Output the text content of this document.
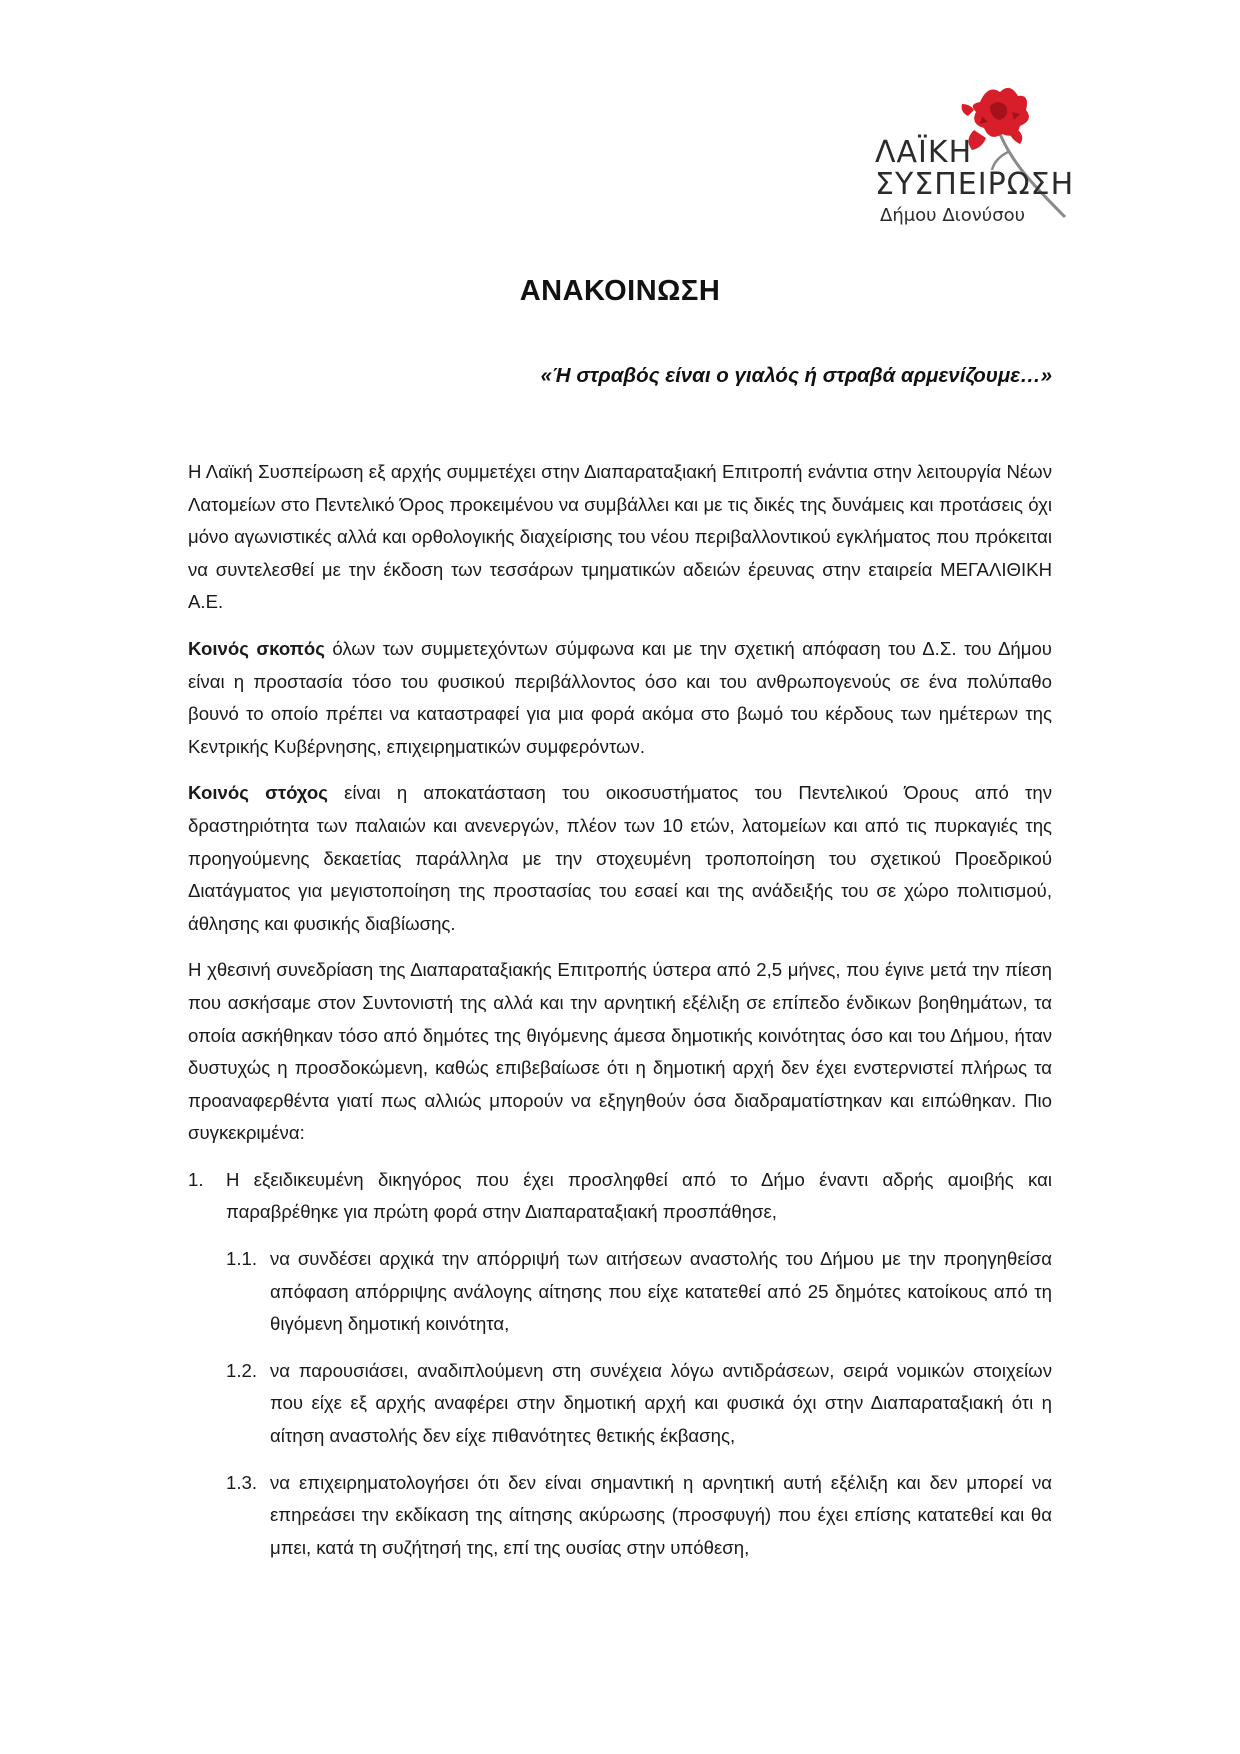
ΛΑΪΚΗ
ΣΥΣΠΕΙΡΩΣΗ
Δήμου Διονύσου
ΑΝΑΚΟΙΝΩΣΗ
«Ή στραβός είναι ο γιαλός ή στραβά αρμενίζουμε…»

Η Λαϊκή Συσπείρωση εξ αρχής συμμετέχει στην Διαπαραταξιακή Επιτροπή ενάντια στην λειτουργία Νέων Λατομείων στο Πεντελικό Όρος προκειμένου να συμβάλλει και με τις δικές της δυνάμεις και προτάσεις όχι μόνο αγωνιστικές αλλά και ορθολογικής διαχείρισης του νέου περιβαλλοντικού εγκλήματος που πρόκειται να συντελεσθεί με την έκδοση των τεσσάρων τμηματικών αδειών έρευνας στην εταιρεία ΜΕΓΑΛΙΘΙΚΗ Α.Ε.

Κοινός σκοπός όλων των συμμετεχόντων σύμφωνα και με την σχετική απόφαση του Δ.Σ. του Δήμου είναι η προστασία τόσο του φυσικού περιβάλλοντος όσο και του ανθρωπογενούς σε ένα πολύπαθο βουνό το οποίο πρέπει να καταστραφεί για μια φορά ακόμα στο βωμό του κέρδους των ημέτερων της Κεντρικής Κυβέρνησης, επιχειρηματικών συμφερόντων.

Κοινός στόχος είναι η αποκατάσταση του οικοσυστήματος του Πεντελικού Όρους από την δραστηριότητα των παλαιών και ανενεργών, πλέον των 10 ετών, λατομείων και από τις πυρκαγιές της προηγούμενης δεκαετίας παράλληλα με την στοχευμένη τροποποίηση του σχετικού Προεδρικού Διατάγματος για μεγιστοποίηση της προστασίας του εσαεί και της ανάδειξής του σε χώρο πολιτισμού, άθλησης και φυσικής διαβίωσης.

Η χθεσινή συνεδρίαση της Διαπαραταξιακής Επιτροπής ύστερα από 2,5 μήνες, που έγινε μετά την πίεση που ασκήσαμε στον Συντονιστή της αλλά και την αρνητική εξέλιξη σε επίπεδο ένδικων βοηθημάτων, τα οποία ασκήθηκαν τόσο από δημότες της θιγόμενης άμεσα δημοτικής κοινότητας όσο και του Δήμου, ήταν δυστυχώς η προσδοκώμενη, καθώς επιβεβαίωσε ότι η δημοτική αρχή δεν έχει ενστερνιστεί πλήρως τα προαναφερθέντα γιατί πως αλλιώς μπορούν να εξηγηθούν όσα διαδραματίστηκαν και ειπώθηκαν. Πιο συγκεκριμένα:

1. Η εξειδικευμένη δικηγόρος που έχει προσληφθεί από το Δήμο έναντι αδρής αμοιβής και παραβρέθηκε για πρώτη φορά στην Διαπαραταξιακή προσπάθησε,
1.1. να συνδέσει αρχικά την απόρριψή των αιτήσεων αναστολής του Δήμου με την προηγηθείσα απόφαση απόρριψης ανάλογης αίτησης που είχε κατατεθεί από 25 δημότες κατοίκους από τη θιγόμενη δημοτική κοινότητα,
1.2. να παρουσιάσει, αναδιπλούμενη στη συνέχεια λόγω αντιδράσεων, σειρά νομικών στοιχείων που είχε εξ αρχής αναφέρει στην δημοτική αρχή και φυσικά όχι στην Διαπαραταξιακή ότι η αίτηση αναστολής δεν είχε πιθανότητες θετικής έκβασης,
1.3. να επιχειρηματολογήσει ότι δεν είναι σημαντική η αρνητική αυτή εξέλιξη και δεν μπορεί να επηρεάσει την εκδίκαση της αίτησης ακύρωσης (προσφυγή) που έχει επίσης κατατεθεί και θα μπει, κατά τη συζήτησή της, επί της ουσίας στην υπόθεση,
